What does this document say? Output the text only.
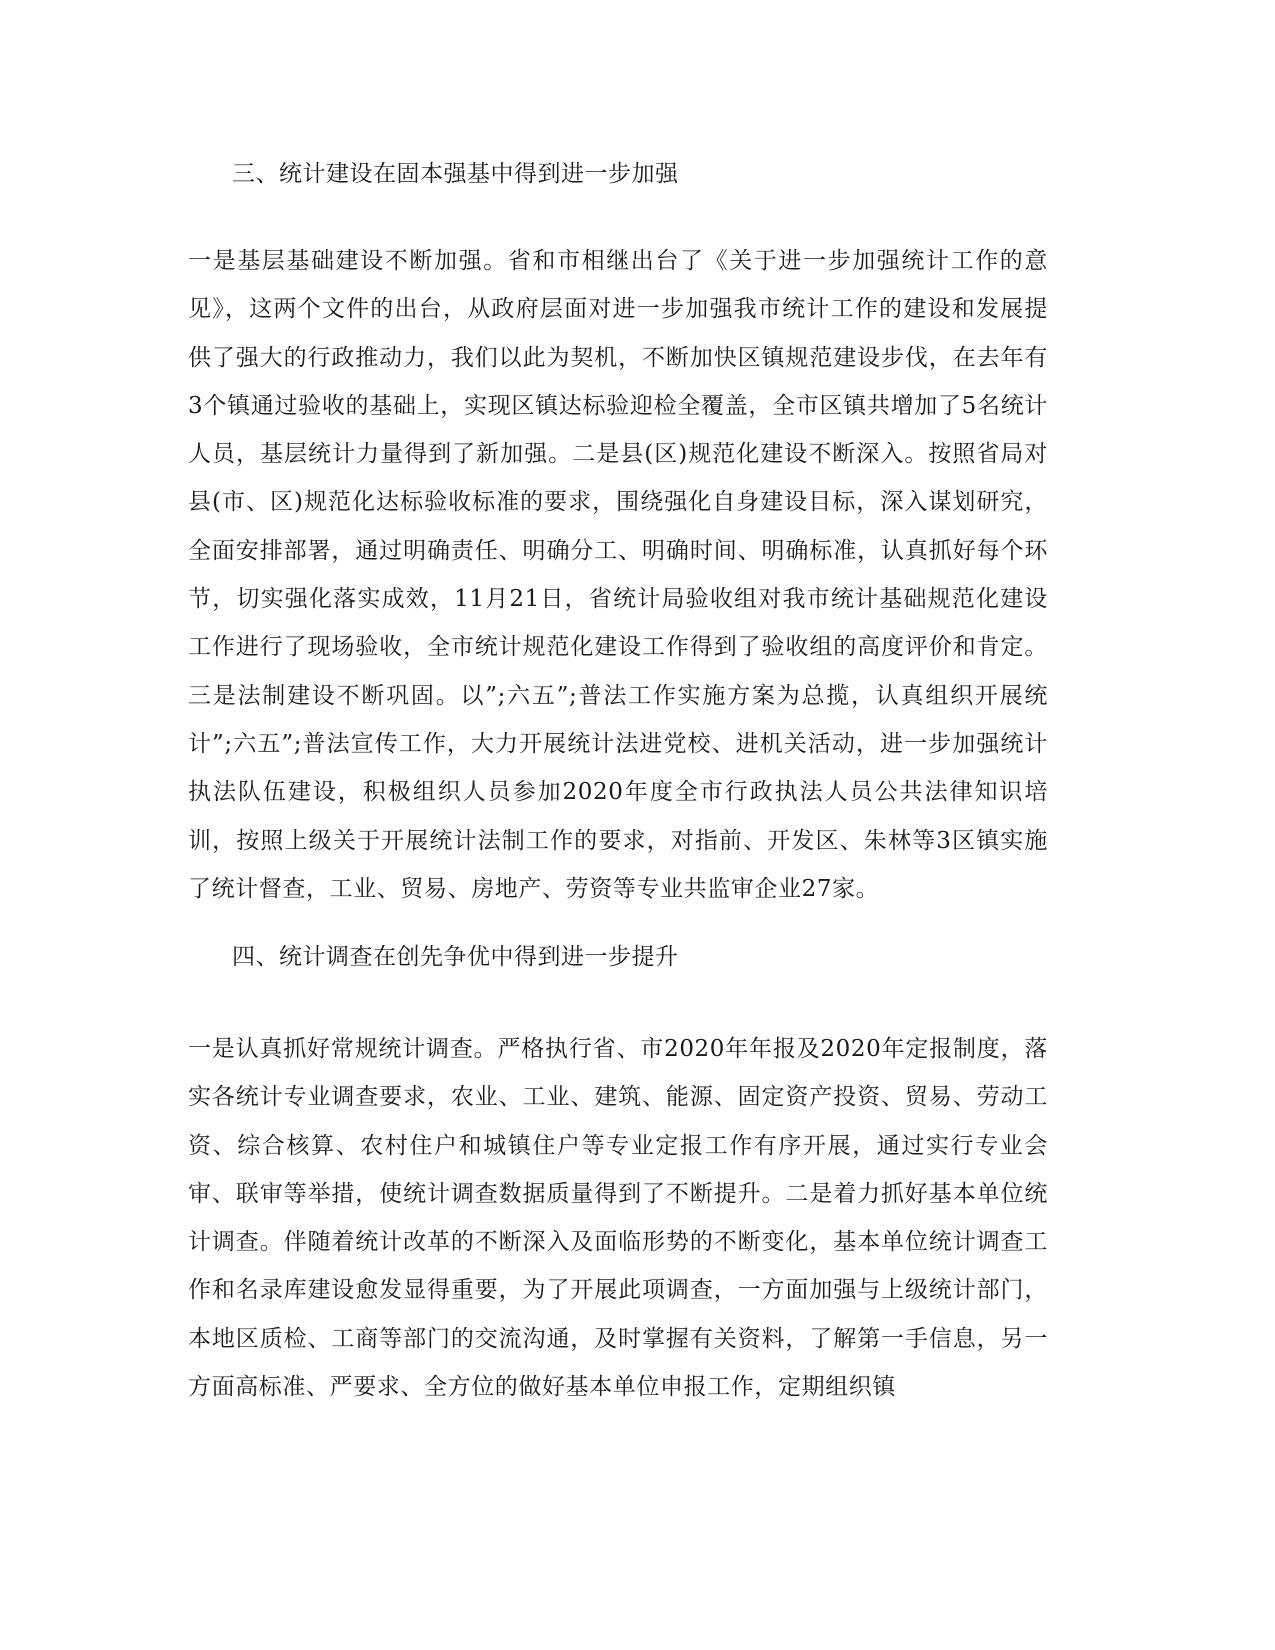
三、统计建设在固本强基中得到进一步加强
一是基层基础建设不断加强。省和市相继出台了《关于进一步加强统计工作的意见》，这两个文件的出台，从政府层面对进一步加强我市统计工作的建设和发展提供了强大的行政推动力，我们以此为契机，不断加快区镇规范建设步伐，在去年有3个镇通过验收的基础上，实现区镇达标验迎检全覆盖，全市区镇共增加了5名统计人员，基层统计力量得到了新加强。二是县(区)规范化建设不断深入。按照省局对县(市、区)规范化达标验收标准的要求，围绕强化自身建设目标，深入谋划研究，全面安排部署，通过明确责任、明确分工、明确时间、明确标准，认真抓好每个环节，切实强化落实成效，11月21日，省统计局验收组对我市统计基础规范化建设工作进行了现场验收，全市统计规范化建设工作得到了验收组的高度评价和肯定。三是法制建设不断巩固。以”;六五”;普法工作实施方案为总揽，认真组织开展统计”;六五”;普法宣传工作，大力开展统计法进党校、进机关活动，进一步加强统计执法队伍建设，积极组织人员参加2020年度全市行政执法人员公共法律知识培训，按照上级关于开展统计法制工作的要求，对指前、开发区、朱林等3区镇实施了统计督查，工业、贸易、房地产、劳资等专业共监审企业27家。
四、统计调查在创先争优中得到进一步提升
一是认真抓好常规统计调查。严格执行省、市2020年年报及2020年定报制度，落实各统计专业调查要求，农业、工业、建筑、能源、固定资产投资、贸易、劳动工资、综合核算、农村住户和城镇住户等专业定报工作有序开展，通过实行专业会审、联审等举措，使统计调查数据质量得到了不断提升。二是着力抓好基本单位统计调查。伴随着统计改革的不断深入及面临形势的不断变化，基本单位统计调查工作和名录库建设愈发显得重要，为了开展此项调查，一方面加强与上级统计部门，本地区质检、工商等部门的交流沟通，及时掌握有关资料，了解第一手信息，另一方面高标准、严要求、全方位的做好基本单位申报工作，定期组织镇
